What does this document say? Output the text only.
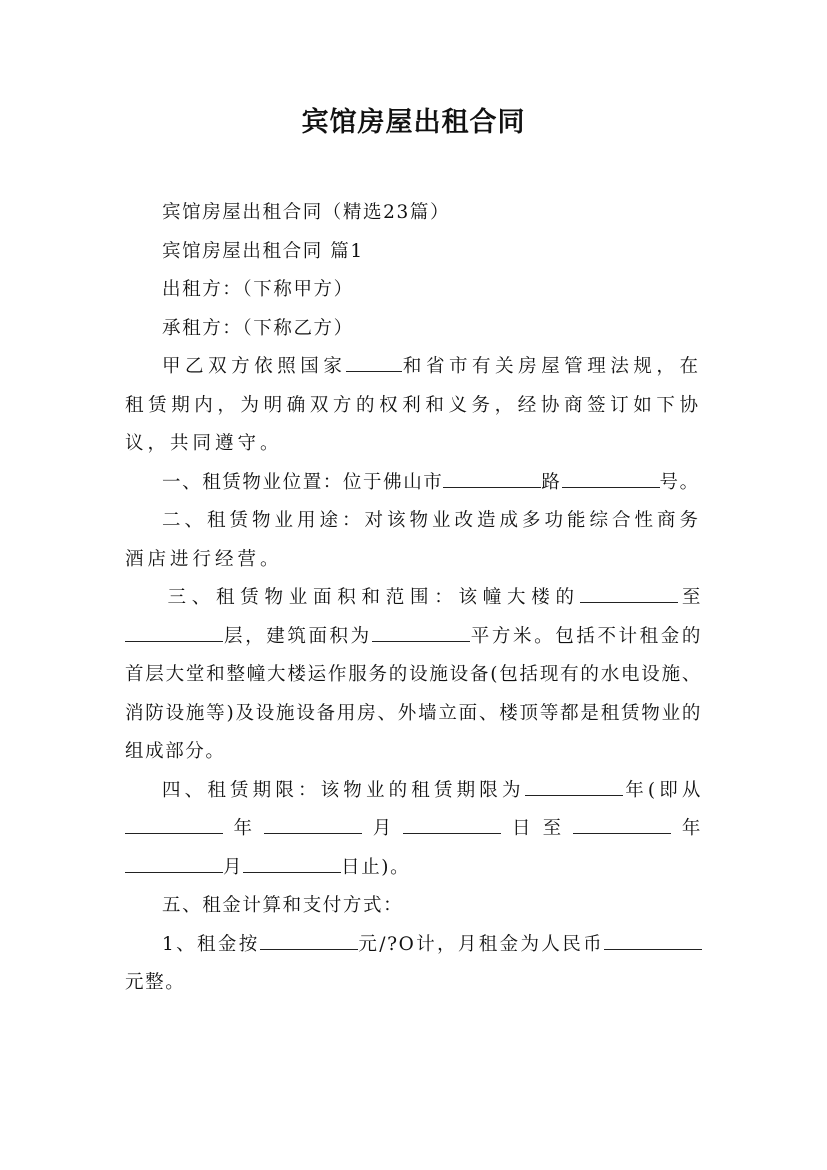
宾馆房屋出租合同

宾馆房屋出租合同（精选23篇）

宾馆房屋出租合同 篇1

出租方：（下称甲方）

承租方：（下称乙方）

甲乙双方依照国家	和省市有关房屋管理法规，在租赁期内，为明确双方的权利和义务，经协商签订如下协议，共同遵守。

一、租赁物业位置：位于佛山市	路	号。

二、租赁物业用途：对该物业改造成多功能综合性商务酒店进行经营。

三、租赁物业面积和范围：该幢大楼的	至层，建筑面积为	平方米。包括不计租金的首层大堂和整幢大楼运作服务的设施设备(包括现有的水电设施、消防设施等)及设施设备用房、外墙立面、楼顶等都是租赁物业的组成部分。

四、租赁期限：该物业的租赁期限为	年(即从年	月	日至	年月	日止)。

五、租金计算和支付方式：

1、租金按	元/?O计，月租金为人民币元整。
